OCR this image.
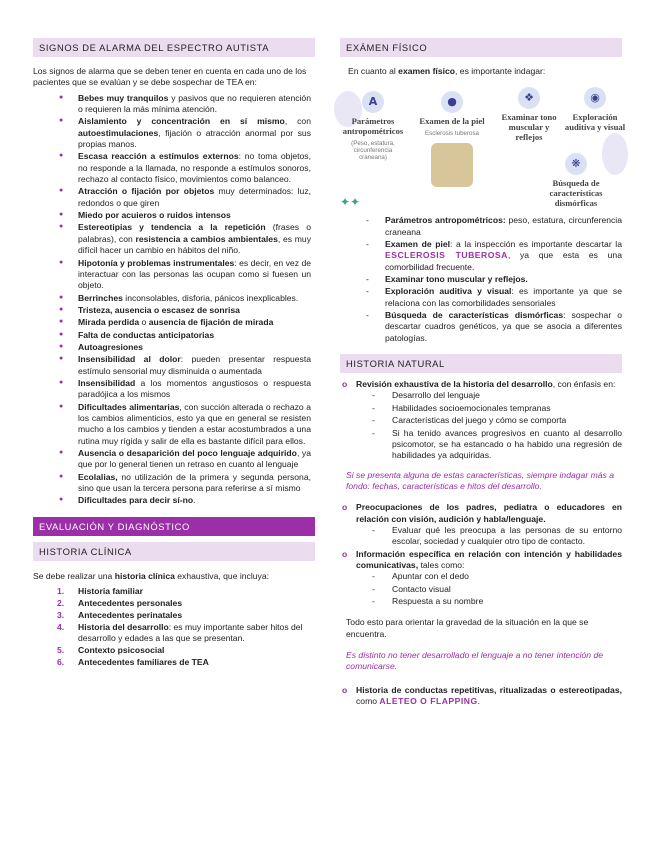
SIGNOS DE ALARMA DEL ESPECTRO AUTISTA

Los signos de alarma que se deben tener en cuenta en cada uno de los pacientes que se evalúan y se debe sospechar de TEA en:

● Bebes muy tranquilos y pasivos que no requieren atención o requieren la más mínima atención.
● Aislamiento y concentración en sí mismo, con autoestimulaciones, fijación o atracción anormal por sus propias manos.
● Escasa reacción a estímulos externos: no toma objetos, no responde a la llamada, no responde a estímulos sonoros, rechazo al contacto físico, movimientos como balanceo.
● Atracción o fijación por objetos muy determinados: luz, redondos o que giren
● Miedo por acuieros o ruidos intensos
● Estereotipias y tendencia a la repetición (frases o palabras), con resistencia a cambios ambientales, es muy difícil hacer un cambio en hábitos del niño.
● Hipotonía y problemas instrumentales: es decir, en vez de interactuar con las personas las ocupan como si fuesen un objeto.
● Berrinches inconsolables, disforia, pánicos inexplicables.
● Tristeza, ausencia o escasez de sonrisa
● Mirada perdida o ausencia de fijación de mirada
● Falta de conductas anticipatorias
● Autoagresiones
● Insensibilidad al dolor: pueden presentar respuesta estímulo sensorial muy disminuida o aumentada
● Insensibilidad a los momentos angustiosos o respuesta paradójica a los mismos
● Dificultades alimentarias, con succión alterada o rechazo a los cambios alimenticios, esto ya que en general se resisten mucho a los cambios y tienden a estar acostumbrados a una rutina muy rígida y salir de ella es bastante difícil para ellos.
● Ausencia o desaparición del poco lenguaje adquirido, ya que por lo general tienen un retraso en cuanto al lenguaje
● Ecolalias, no utilización de la primera y segunda persona, sino que usan la tercera persona para referirse a sí mismo
● Dificultades para decir sí-no.
EVALUACIÓN Y DIAGNÓSTICO
HISTORIA CLÍNICA

Se debe realizar una historia clínica exhaustiva, que incluya:

1. Historia familiar
2. Antecedentes personales
3. Antecedentes perinatales
4. Historia del desarrollo: es muy importante saber hitos del desarrollo y edades a las que se presentan.
5. Contexto psicosocial
6. Antecedentes familiares de TEA
EXÁMEN FÍSICO

En cuanto al examen físico, es importante indagar:

A
Parámetros antropométricos
(Peso, estatura, circunferencia craneana)
●
Examen de la piel
Esclerosis tuberosa
❖
Examinar tono muscular y reflejos
◉
Exploración auditiva y visual
❋
Búsqueda de características dismórficas
✦✦
- Parámetros antropométricos: peso, estatura, circunferencia craneana
- Examen de piel: a la inspección es importante descartar la ESCLEROSIS TUBEROSA, ya que esta es una comorbilidad frecuente.
- Examinar tono muscular y reflejos.
- Exploración auditiva y visual: es importante ya que se relaciona con las comorbilidades sensoriales
- Búsqueda de características dismórficas: sospechar o descartar cuadros genéticos, ya que se asocia a diferentes patologías.
HISTORIA NATURAL
o Revisión exhaustiva de la historia del desarrollo, con énfasis en:
- Desarrollo del lenguaje
- Habilidades socioemocionales tempranas
- Características del juego y cómo se comporta
- Si ha tenido avances progresivos en cuanto al desarrollo psicomotor, se ha estancado o ha habido una regresión de habilidades ya adquiridas.

Si se presenta alguna de estas características, siempre indagar más a fondo: fechas, características e hitos del desarrollo.

o Preocupaciones de los padres, pediatra o educadores en relación con visión, audición y habla/lenguaje.
- Evaluar qué les preocupa a las personas de su entorno escolar, sociedad y cualquier otro tipo de contacto.
o Información específica en relación con intención y habilidades comunicativas, tales como:
- Apuntar con el dedo
- Contacto visual
- Respuesta a su nombre

Todo esto para orientar la gravedad de la situación en la que se encuentra.

Es distinto no tener desarrollado el lenguaje a no tener intención de comunicarse.

o Historia de conductas repetitivas, ritualizadas o estereotipadas, como ALETEO O FLAPPING.
